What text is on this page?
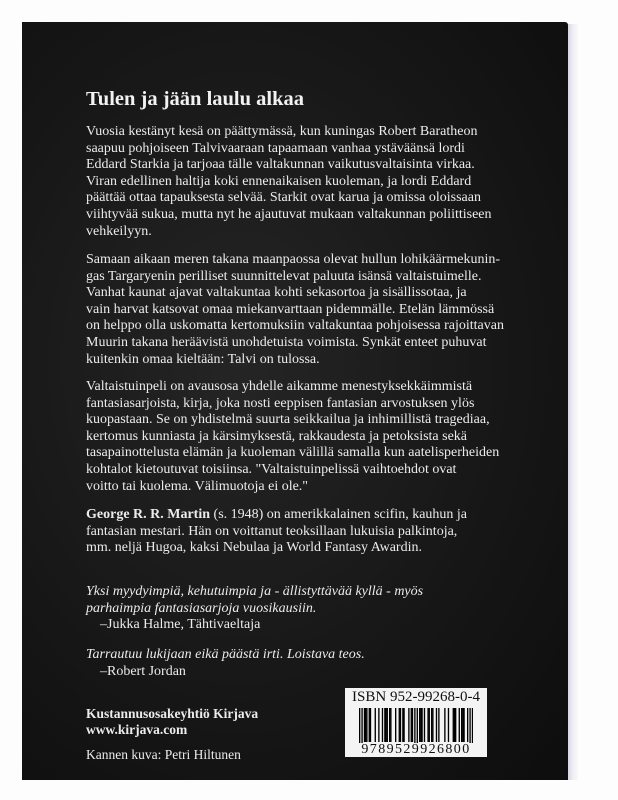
Tulen ja jään laulu alkaa

Vuosia kestänyt kesä on päättymässä, kun kuningas Robert Baratheon
saapuu pohjoiseen Talvivaaraan tapaamaan vanhaa ystäväänsä lordi
Eddard Starkia ja tarjoaa tälle valtakunnan vaikutusvaltaisinta virkaa.
Viran edellinen haltija koki ennenaikaisen kuoleman, ja lordi Eddard
päättää ottaa tapauksesta selvää. Starkit ovat karua ja omissa oloissaan
viihtyvää sukua, mutta nyt he ajautuvat mukaan valtakunnan poliittiseen
vehkeilyyn.

Samaan aikaan meren takana maanpaossa olevat hullun lohikäärmekunin-
gas Targaryenin perilliset suunnittelevat paluuta isänsä valtaistuimelle.
Vanhat kaunat ajavat valtakuntaa kohti sekasortoa ja sisällissotaa, ja
vain harvat katsovat omaa miekanvarttaan pidemmälle. Etelän lämmössä
on helppo olla uskomatta kertomuksiin valtakuntaa pohjoisessa rajoittavan
Muurin takana heräävistä unohdetuista voimista. Synkät enteet puhuvat
kuitenkin omaa kieltään: Talvi on tulossa.

Valtaistuinpeli on avausosa yhdelle aikamme menestyksekkäimmistä
fantasiasarjoista, kirja, joka nosti eeppisen fantasian arvostuksen ylös
kuopastaan. Se on yhdistelmä suurta seikkailua ja inhimillistä tragediaa,
kertomus kunniasta ja kärsimyksestä, rakkaudesta ja petoksista sekä
tasapainottelusta elämän ja kuoleman välillä samalla kun aatelisperheiden
kohtalot kietoutuvat toisiinsa. "Valtaistuinpelissä vaihtoehdot ovat
voitto tai kuolema. Välimuotoja ei ole."

George R. R. Martin (s. 1948) on amerikkalainen scifin, kauhun ja
fantasian mestari. Hän on voittanut teoksillaan lukuisia palkintoja,
mm. neljä Hugoa, kaksi Nebulaa ja World Fantasy Awardin.

Yksi myydyimpiä, kehutuimpia ja - ällistyttävää kyllä - myös
parhaimpia fantasiasarjoja vuosikausiin.

–Jukka Halme, Tähtivaeltaja

Tarrautuu lukijaan eikä päästä irti. Loistava teos.

–Robert Jordan

Kustannusosakeyhtiö Kirjava

www.kirjava.com

Kannen kuva: Petri Hiltunen

ISBN 952-99268-0-4
9789529926800
